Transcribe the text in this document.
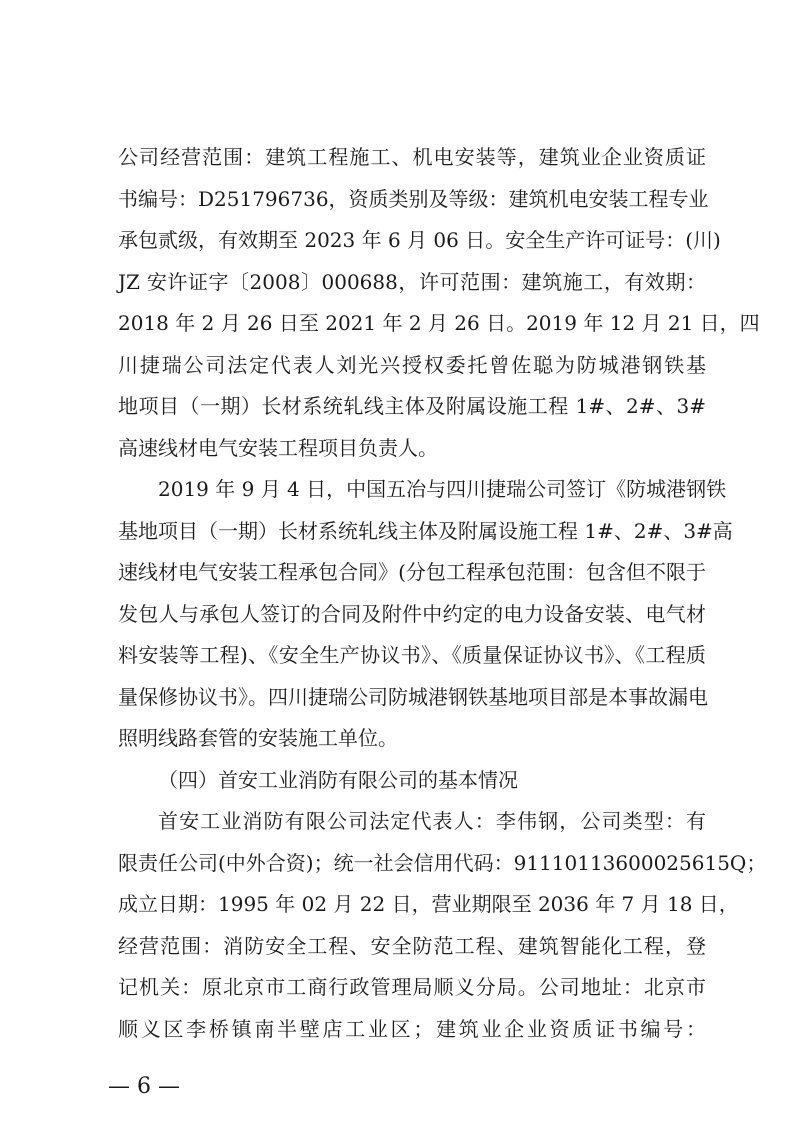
公司经营范围：建筑工程施工、机电安装等，建筑业企业资质证
书编号：D251796736，资质类别及等级：建筑机电安装工程专业
承包贰级，有效期至 2023 年 6 月 06 日。安全生产许可证号：(川)
JZ 安许证字〔2008〕000688，许可范围：建筑施工，有效期：
2018 年 2 月 26 日至 2021 年 2 月 26 日。2019 年 12 月 21 日，四
川捷瑞公司法定代表人刘光兴授权委托曾佐聪为防城港钢铁基
地项目（一期）长材系统轧线主体及附属设施工程 1#、2#、3#
高速线材电气安装工程项目负责人。
2019 年 9 月 4 日，中国五冶与四川捷瑞公司签订《防城港钢铁
基地项目（一期）长材系统轧线主体及附属设施工程 1#、2#、3#高
速线材电气安装工程承包合同》(分包工程承包范围：包含但不限于
发包人与承包人签订的合同及附件中约定的电力设备安装、电气材
料安装等工程)、《安全生产协议书》、《质量保证协议书》、《工程质
量保修协议书》。四川捷瑞公司防城港钢铁基地项目部是本事故漏电
照明线路套管的安装施工单位。
（四）首安工业消防有限公司的基本情况
首安工业消防有限公司法定代表人：李伟钢，公司类型：有
限责任公司(中外合资)；统一社会信用代码：91110113600025615Q；
成立日期：1995 年 02 月 22 日，营业期限至 2036 年 7 月 18 日，
经营范围：消防安全工程、安全防范工程、建筑智能化工程，登
记机关：原北京市工商行政管理局顺义分局。公司地址：北京市
顺义区李桥镇南半壁店工业区；建筑业企业资质证书编号：
— 6 —
